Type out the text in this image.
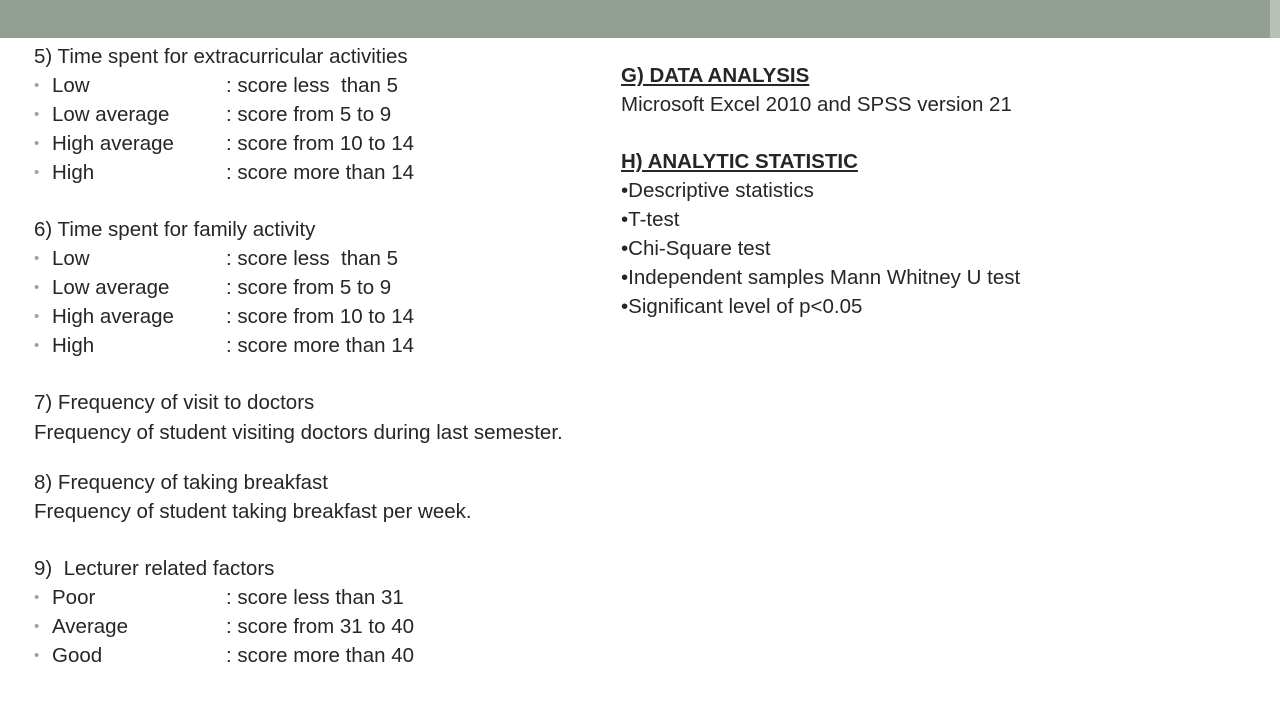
5) Time spent for extracurricular activities
• Low	: score less  than 5
• Low average	: score from 5 to 9
• High average	: score from 10 to 14
• High	: score more than 14
6) Time spent for family activity
• Low	: score less  than 5
• Low average	: score from 5 to 9
• High average	: score from 10 to 14
• High	: score more than 14
7) Frequency of visit to doctors
Frequency of student visiting doctors during last semester.
8) Frequency of taking breakfast
Frequency of student taking breakfast per week.
9)  Lecturer related factors
• Poor	: score less than 31
• Average	: score from 31 to 40
• Good	: score more than 40
G) DATA ANALYSIS
Microsoft Excel 2010 and SPSS version 21
H) ANALYTIC STATISTIC
•Descriptive statistics
•T-test
•Chi-Square test
•Independent samples Mann Whitney U test
•Significant level of p<0.05
